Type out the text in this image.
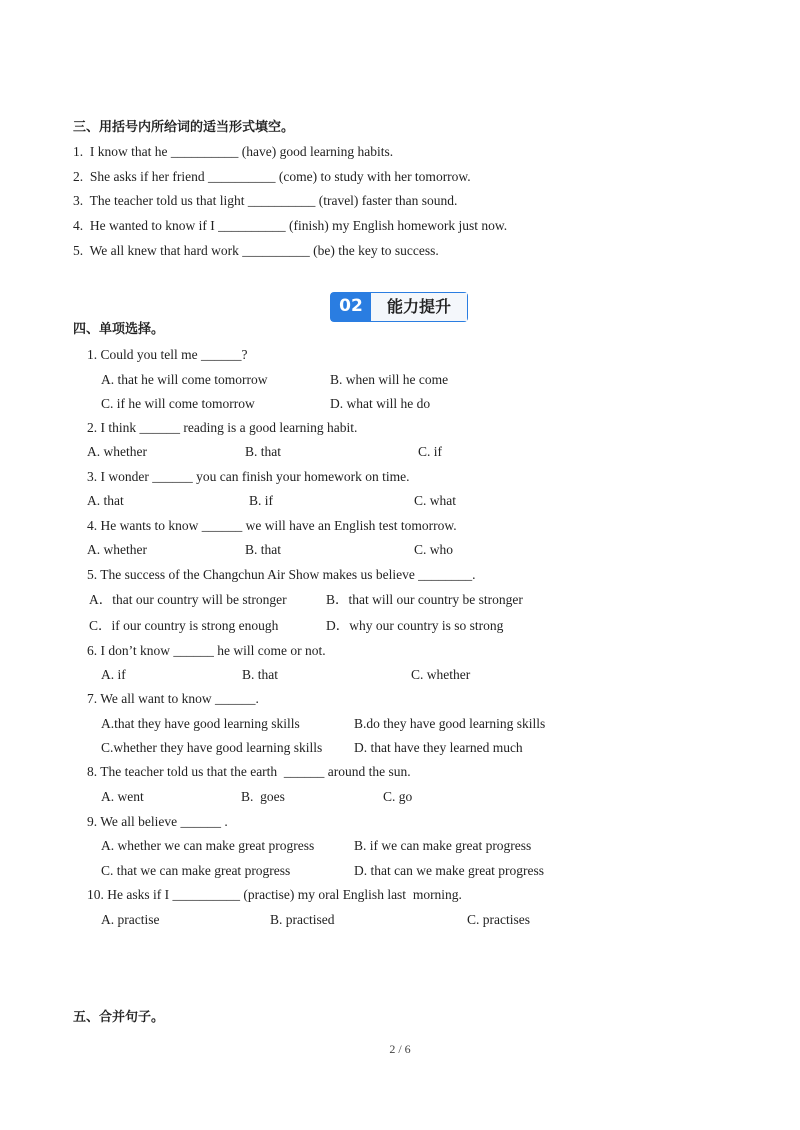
三、用括号内所给词的适当形式填空。
1.  I know that he __________ (have) good learning habits.
2.  She asks if her friend __________ (come) to study with her tomorrow.
3.  The teacher told us that light __________ (travel) faster than sound.
4.  He wanted to know if I __________ (finish) my English homework just now.
5.  We all knew that hard work __________ (be) the key to success.
02	能力提升
四、单项选择。
1. Could you tell me ______?
A. that he will come tomorrow	B. when will he come
C. if he will come tomorrow	D. what will he do
2. I think ______ reading is a good learning habit.
A. whether	B. that	C. if
3. I wonder ______ you can finish your homework on time.
A. that	B. if	C. what
4. He wants to know ______ we will have an English test tomorrow.
A. whether	B. that	C. who
5. The success of the Changchun Air Show makes us believe ________.
A．that our country will be stronger	B．that will our country be stronger
C．if our country is strong enough	D．why our country is so strong
6. I don’t know ______ he will come or not.
A. if	B. that	C. whether
7. We all want to know ______.
A.that they have good learning skills	B.do they have good learning skills
C.whether they have good learning skills D. that have they learned much
8. The teacher told us that the earth  ______ around the sun.
A. went	B.  goes	C. go
9. We all believe ______ .
A. whether we can make great progress	B. if we can make great progress
C. that we can make great progress	D. that can we make great progress
10. He asks if I __________ (practise) my oral English last  morning.
A. practise	B. practised	C. practises
五、合并句子。
2 / 6
